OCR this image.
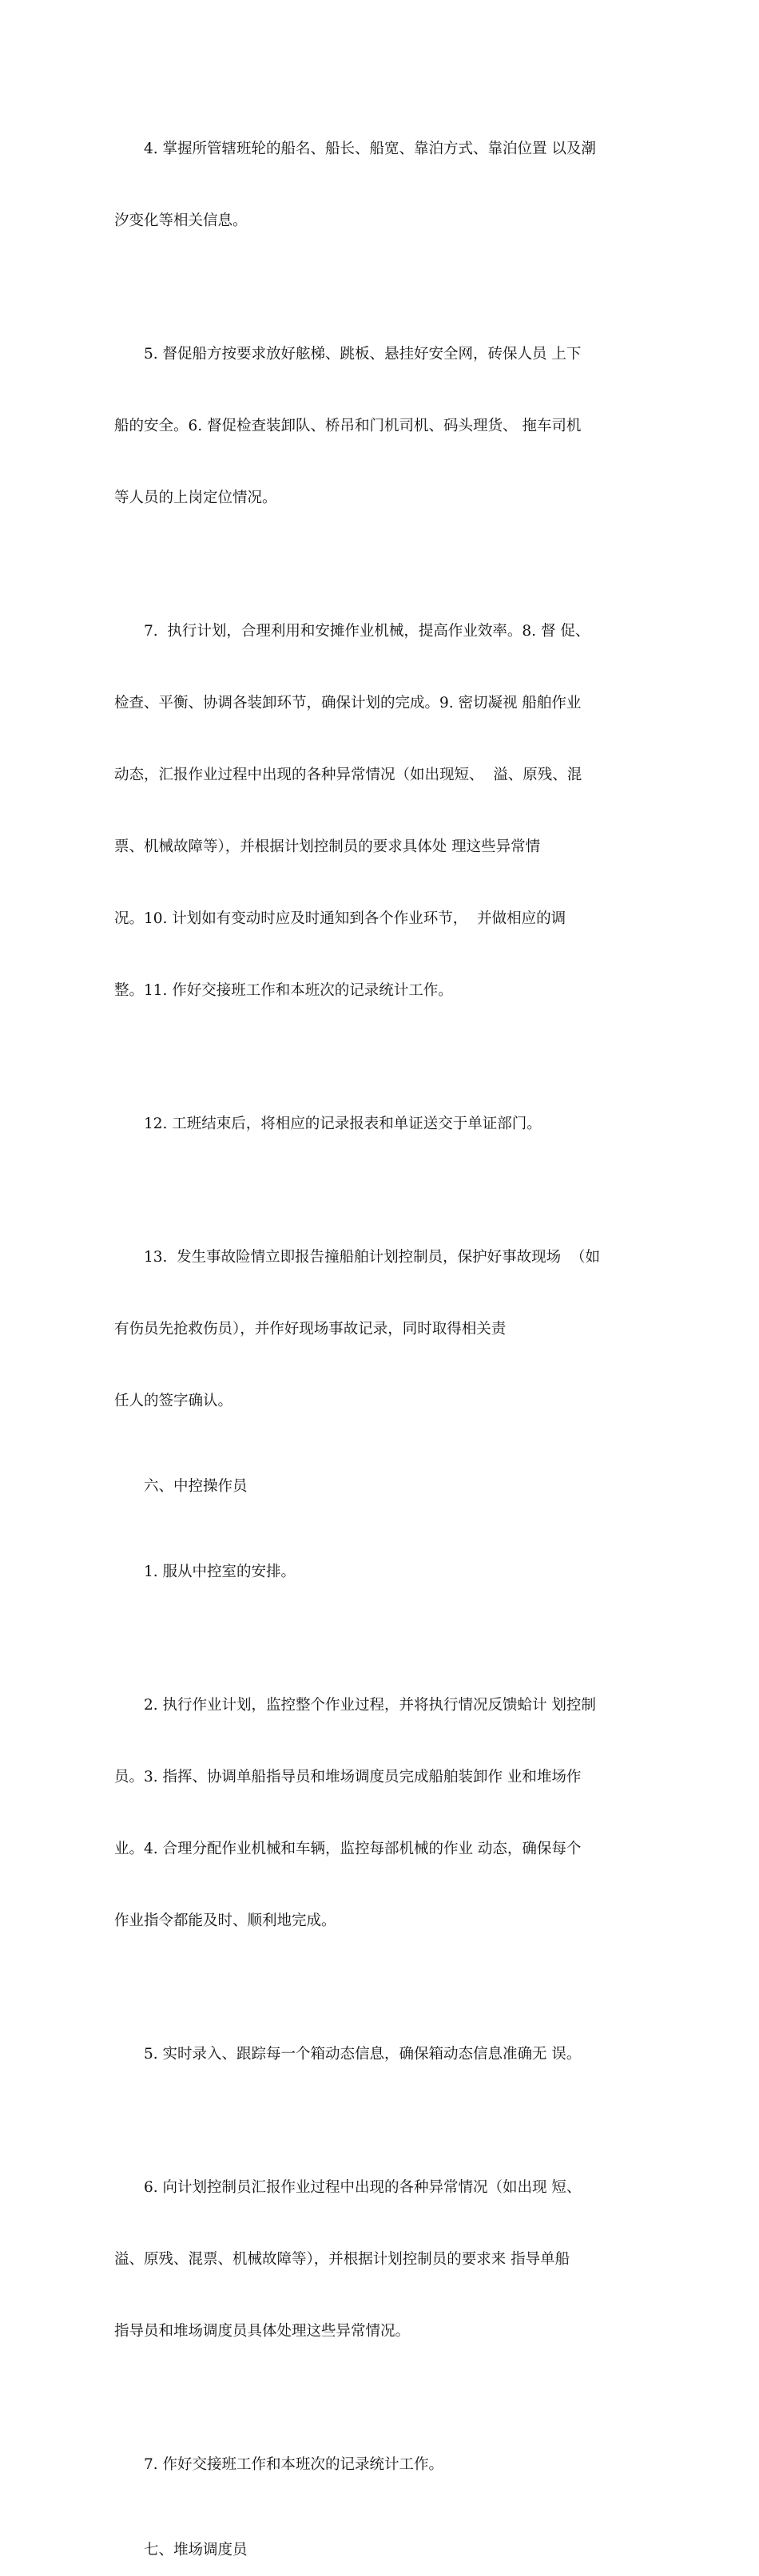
4. 掌握所管辖班轮的船名、船长、船宽、靠泊方式、靠泊位置 以及潮

汐变化等相关信息。

5. 督促船方按要求放好舷梯、跳板、悬挂好安全网，砖保人员 上下

船的安全。6. 督促检查装卸队、桥吊和门机司机、码头理货、 拖车司机

等人员的上岗定位情况。

7.  执行计划，合理利用和安摊作业机械，提高作业效率。8. 督 促、

检查、平衡、协调各装卸环节，确保计划的完成。9. 密切凝视 船舶作业

动态，汇报作业过程中出现的各种异常情况（如出现短、  溢、原残、混

票、机械故障等），并根据计划控制员的要求具体处 理这些异常情

况。10. 计划如有变动时应及时通知到各个作业环节，  并做相应的调

整。11. 作好交接班工作和本班次的记录统计工作。

12. 工班结束后，将相应的记录报表和单证送交于单证部门。

13.  发生事故险情立即报告撞船舶计划控制员，保护好事故现场  （如

有伤员先抢救伤员），并作好现场事故记录，同时取得相关责

任人的签字确认。

六、中控操作员

1. 服从中控室的安排。

2. 执行作业计划，监控整个作业过程，并将执行情况反馈蛤计 划控制

员。3. 指挥、协调单船指导员和堆场调度员完成船舶装卸作 业和堆场作

业。4. 合理分配作业机械和车辆，监控每部机械的作业 动态，确保每个

作业指令都能及时、顺利地完成。

5. 实时录入、跟踪每一个箱动态信息，确保箱动态信息准确无 误。

6. 向计划控制员汇报作业过程中出现的各种异常情况（如出现 短、

溢、原残、混票、机械故障等），并根据计划控制员的要求来 指导单船

指导员和堆场调度员具体处理这些异常情况。

7. 作好交接班工作和本班次的记录统计工作。

七、堆场调度员
